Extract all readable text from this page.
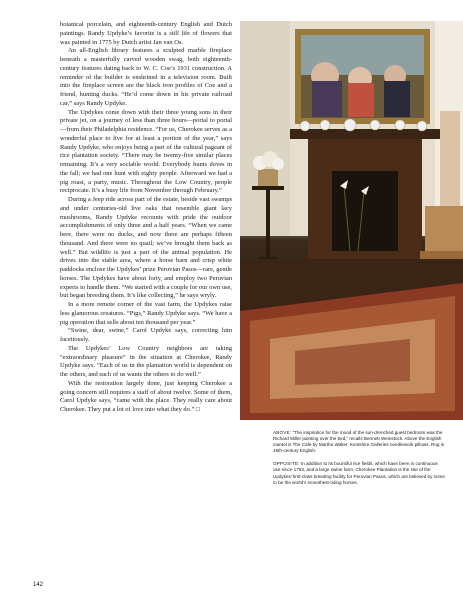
botanical porcelain, and eighteenth-century English and Dutch paintings. Randy Updyke’s favorite is a still life of flowers that was painted in 1775 by Dutch artist Jan van Os.

An all-English library features a sculpted marble fireplace beneath a masterfully carved wooden swag, both eighteenth-century features dating back to W. C. Coe’s 1931 construction. A reminder of the builder is enshrined in a television room. Built into the fireplace screen are the black iron profiles of Coe and a friend, hunting ducks. “He’d come down in his private railroad car,” says Randy Updyke.

The Updykes come down with their three young sons in their private jet, on a journey of less than three hours—portal to portal—from their Philadelphia residence. “For us, Cherokee serves as a wonderful place to live for at least a portion of the year,” says Randy Updyke, who enjoys being a part of the cultural pageant of rice plantation society. “There may be twenty-five similar places remaining. It’s a very sociable world. Everybody hunts doves in the fall; we had one hunt with eighty people. Afterward we had a pig roast, a party, music. Throughout the Low Country, people reciprocate. It’s a busy life from November through February.”

During a Jeep ride across part of the estate, beside vast swamps and under centuries-old live oaks that resemble giant lacy mushrooms, Randy Updyke recounts with pride the outdoor accomplishments of only three and a half years. “When we came here, there were no ducks, and now there are perhaps fifteen thousand. And there were no quail; we’ve brought them back as well.” But wildlife is just a part of the animal population. He drives into the stable area, where a horse barn and crisp white paddocks enclose the Updykes’ prize Peruvian Pasos—rare, gentle horses. The Updykes have about forty, and employ two Peruvian experts to handle them. “We started with a couple for our own use, but began breeding them. It’s like collecting,” he says wryly.

In a more remote corner of the vast farm, the Updykes raise less glamorous creatures. “Pigs,” Randy Updyke says. “We have a pig operation that sells about ten thousand per year.”

“Swine, dear, swine,” Carol Updyke says, correcting him facetiously.

The Updykes’ Low Country neighbors are taking “extraordinary pleasure” in the situation at Cherokee, Randy Updyke says. “Each of us in the plantation world is dependent on the others, and each of us wants the others to do well.”

With the restoration largely done, just keeping Cherokee a going concern still requires a staff of about twelve. Some of them, Carol Updyke says, “came with the place. They really care about Cherokee. They put a lot of love into what they do.” □

ABOVE: “The inspiration for the mood of the sun-drenched guest bedroom was the Richard Miller painting over the bed,” recalls Bennett Weinstock. Above the English mantel is The Cafe by Martha Walter. Kentshire Galleries needlework pillows. Rug is 19th-century English.

OPPOSITE: In addition to its bountiful rice fields, which have been in continuous use since 1763, and a large swine farm, Cherokee Plantation is the site of the Updykes’ first-class breeding facility for Peruvian Pasos, which are believed by some to be the world’s smoothest-riding horses.

142
